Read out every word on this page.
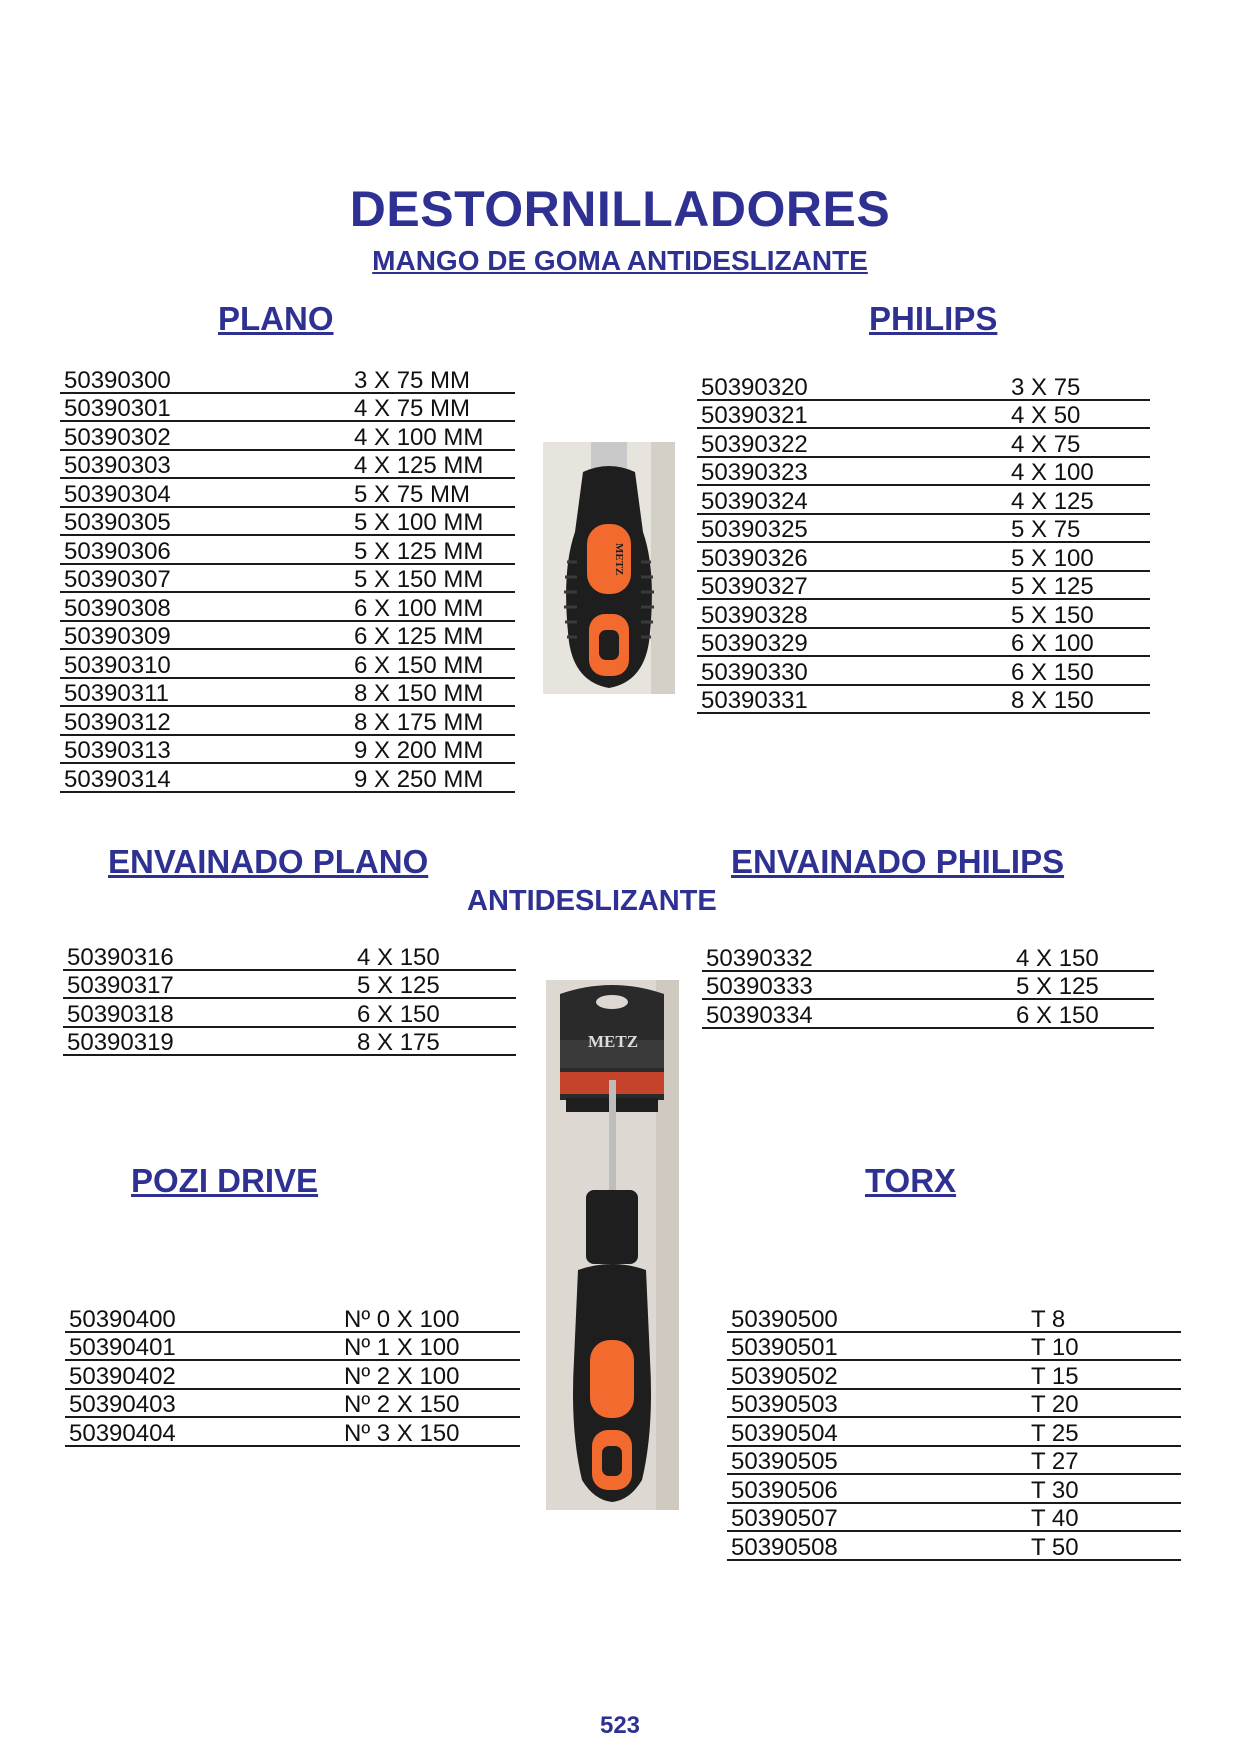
DESTORNILLADORES
MANGO DE GOMA ANTIDESLIZANTE
PLANO	PHILIPS
ENVAINADO PLANO	ENVAINADO PHILIPS
ANTIDESLIZANTE
POZI DRIVE	TORX
50390300	3 X 75 MM
50390301	4 X 75 MM
50390302	4 X 100 MM
50390303	4 X 125 MM
50390304	5 X 75 MM
50390305	5 X 100 MM
50390306	5 X 125 MM
50390307	5 X 150 MM
50390308	6 X 100 MM
50390309	6 X 125 MM
50390310	6 X 150 MM
50390311	8 X 150 MM
50390312	8 X 175 MM
50390313	9 X 200 MM
50390314	9 X 250 MM
50390320	3 X 75
50390321	4 X 50
50390322	4 X 75
50390323	4 X 100
50390324	4 X 125
50390325	5 X 75
50390326	5 X 100
50390327	5 X 125
50390328	5 X 150
50390329	6 X 100
50390330	6 X 150
50390331	8 X 150
50390316	4 X 150
50390317	5 X 125
50390318	6 X 150
50390319	8 X 175
50390332	4 X 150
50390333	5 X 125
50390334	6 X 150
50390400	Nº 0 X 100
50390401	Nº 1 X 100
50390402	Nº 2 X 100
50390403	Nº 2 X 150
50390404	Nº 3 X 150
50390500	T 8
50390501	T 10
50390502	T 15
50390503	T 20
50390504	T 25
50390505	T 27
50390506	T 30
50390507	T 40
50390508	T 50
METZ
METZ
523
